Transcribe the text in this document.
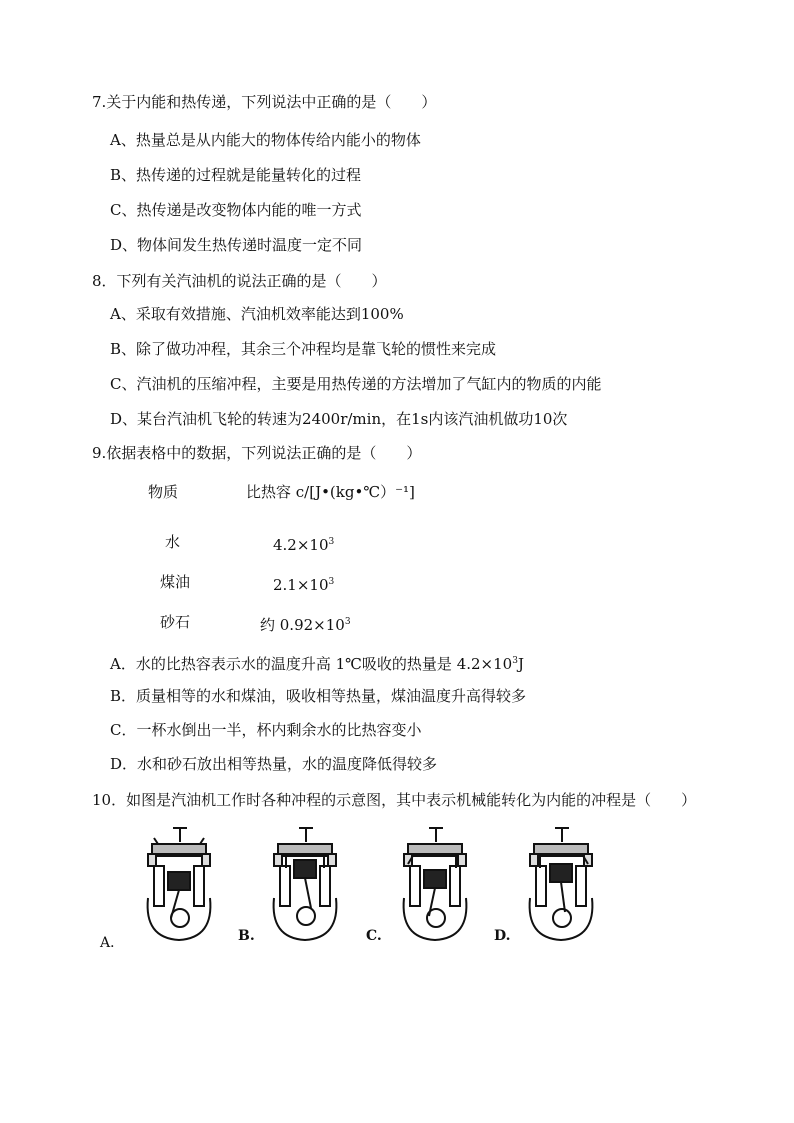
7.关于内能和热传递，下列说法中正确的是（　　）
A、热量总是从内能大的物体传给内能小的物体
B、热传递的过程就是能量转化的过程
C、热传递是改变物体内能的唯一方式
D、物体间发生热传递时温度一定不同
8．下列有关汽油机的说法正确的是（　　）
A、采取有效措施、汽油机效率能达到100%
B、除了做功冲程，其余三个冲程均是靠飞轮的惯性来完成
C、汽油机的压缩冲程，主要是用热传递的方法增加了气缸内的物质的内能
D、某台汽油机飞轮的转速为2400r/min，在1s内该汽油机做功10次
9.依据表格中的数据，下列说法正确的是（　　）
物质	比热容 c/[J•(kg•℃）⁻¹]
水	$4.2\times 10^3$
煤油	$2.1\times 10^3$
砂石	约 $0.92\times 10^3$
A．水的比热容表示水的温度升高 1℃吸收的热量是 $4.2\times 10^3J$
B．质量相等的水和煤油，吸收相等热量，煤油温度升高得较多
C．一杯水倒出一半，杯内剩余水的比热容变小
D．水和砂石放出相等热量，水的温度降低得较多
10．如图是汽油机工作时各种冲程的示意图，其中表示机械能转化为内能的冲程是（　　）
A．	B.	C.	D.
